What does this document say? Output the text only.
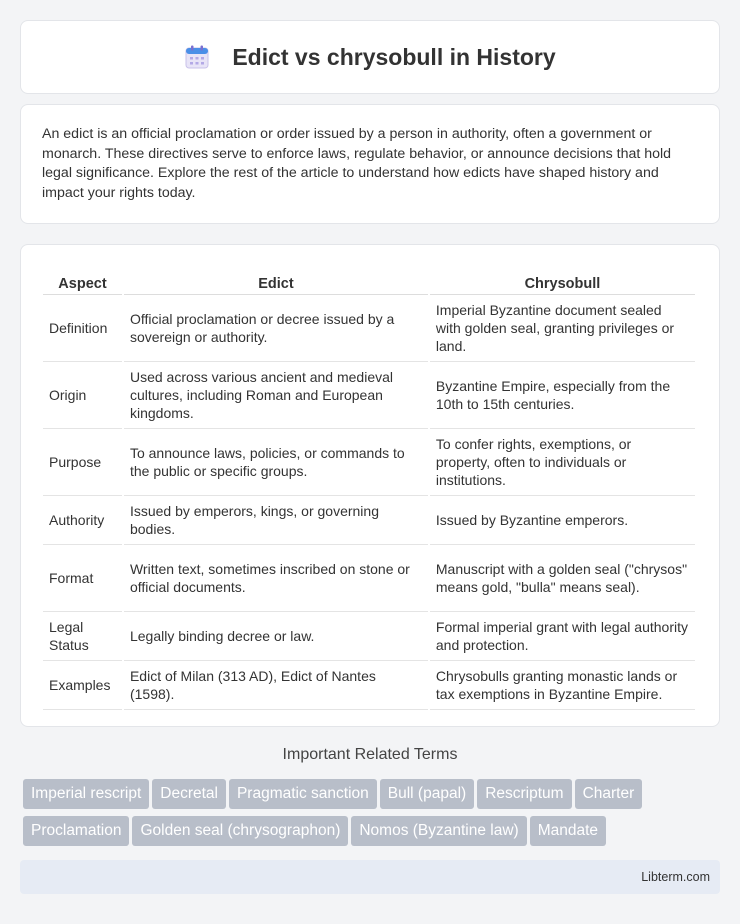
Edict vs chrysobull in History

An edict is an official proclamation or order issued by a person in authority, often a government or monarch. These directives serve to enforce laws, regulate behavior, or announce decisions that hold legal significance. Explore the rest of the article to understand how edicts have shaped history and impact your rights today.

Aspect	Edict	Chrysobull
Definition	Official proclamation or decree issued by a sovereign or authority.	Imperial Byzantine document sealed with golden seal, granting privileges or land.
Origin	Used across various ancient and medieval cultures, including Roman and European kingdoms.	Byzantine Empire, especially from the 10th to 15th centuries.
Purpose	To announce laws, policies, or commands to the public or specific groups.	To confer rights, exemptions, or property, often to individuals or institutions.
Authority	Issued by emperors, kings, or governing bodies.	Issued by Byzantine emperors.
Format	Written text, sometimes inscribed on stone or official documents.	Manuscript with a golden seal ("chrysos" means gold, "bulla" means seal).
Legal Status	Legally binding decree or law.	Formal imperial grant with legal authority and protection.
Examples	Edict of Milan (313 AD), Edict of Nantes (1598).	Chrysobulls granting monastic lands or tax exemptions in Byzantine Empire.
Important Related Terms
Imperial rescript Decretal Pragmatic sanction Bull (papal) Rescriptum Charter
Proclamation Golden seal (chrysographon) Nomos (Byzantine law) Mandate
Libterm.com
